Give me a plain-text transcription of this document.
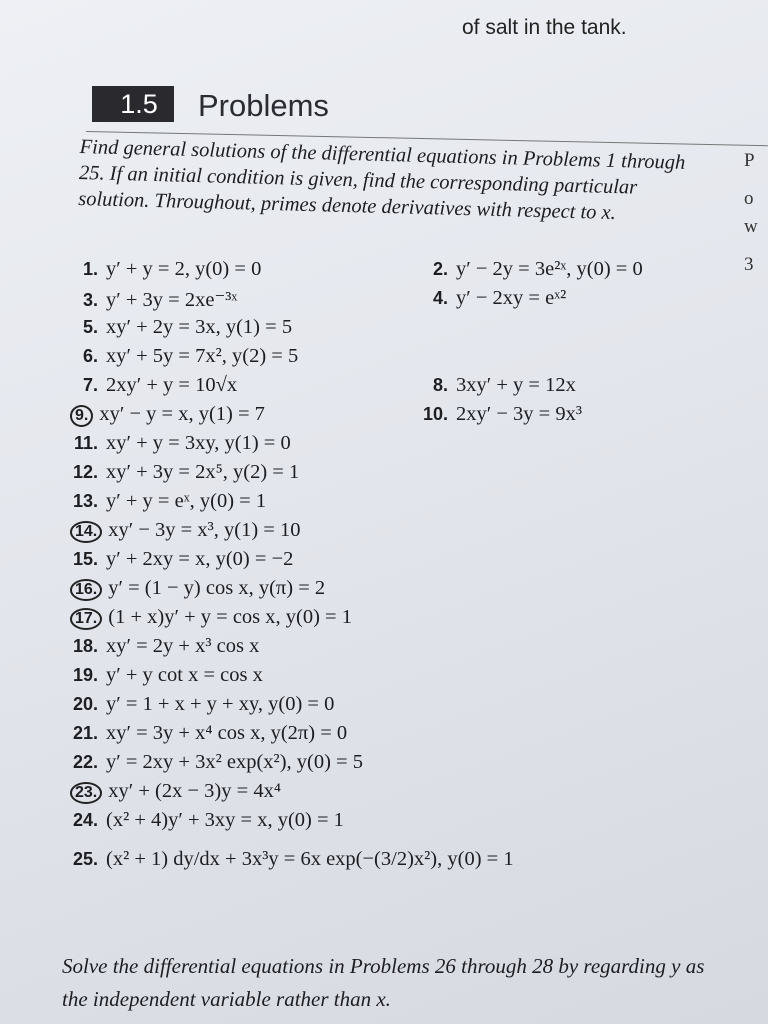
of salt in the tank.
1.5	Problems
Find general solutions of the differential equations in Problems 1 through 25. If an initial condition is given, find the corresponding particular solution. Throughout, primes denote derivatives with respect to x.
P
o
w
3
1. y′ + y = 2, y(0) = 0	2. y′ − 2y = 3e²ˣ, y(0) = 0
3. y′ + 3y = 2xe⁻³ˣ	4. y′ − 2xy = eˣ²
5. xy′ + 2y = 3x, y(1) = 5
6. xy′ + 5y = 7x², y(2) = 5
7. 2xy′ + y = 10√x	8. 3xy′ + y = 12x
9. xy′ − y = x, y(1) = 7	10. 2xy′ − 3y = 9x³
11. xy′ + y = 3xy, y(1) = 0
12. xy′ + 3y = 2x⁵, y(2) = 1
13. y′ + y = eˣ, y(0) = 1
14. xy′ − 3y = x³, y(1) = 10
15. y′ + 2xy = x, y(0) = −2
16. y′ = (1 − y) cos x, y(π) = 2
17. (1 + x)y′ + y = cos x, y(0) = 1
18. xy′ = 2y + x³ cos x
19. y′ + y cot x = cos x
20. y′ = 1 + x + y + xy, y(0) = 0
21. xy′ = 3y + x⁴ cos x, y(2π) = 0
22. y′ = 2xy + 3x² exp(x²), y(0) = 5
23. xy′ + (2x − 3)y = 4x⁴
24. (x² + 4)y′ + 3xy = x, y(0) = 1
25. (x² + 1) dy/dx + 3x³y = 6x exp(−(3/2)x²), y(0) = 1
Solve the differential equations in Problems 26 through 28 by regarding y as the independent variable rather than x.
